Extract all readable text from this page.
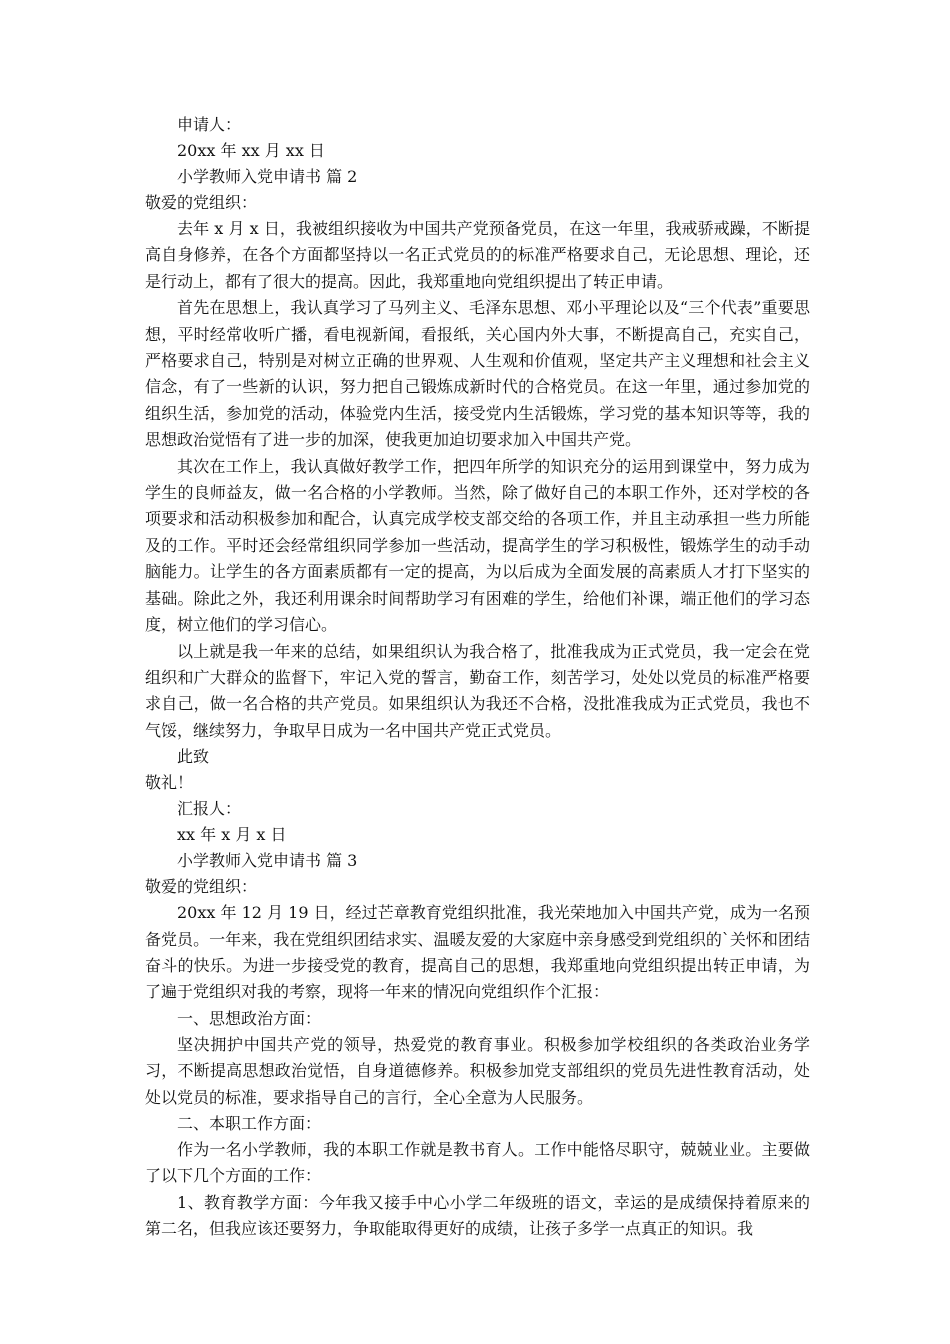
申请人：

20xx 年 xx 月 xx 日

小学教师入党申请书 篇 2

敬爱的党组织：

去年 x 月 x 日，我被组织接收为中国共产党预备党员，在这一年里，我戒骄戒躁，不断提高自身修养，在各个方面都坚持以一名正式党员的的标准严格要求自己，无论思想、理论，还是行动上，都有了很大的提高。因此，我郑重地向党组织提出了转正申请。

首先在思想上，我认真学习了马列主义、毛泽东思想、邓小平理论以及“三个代表”重要思想，平时经常收听广播，看电视新闻，看报纸，关心国内外大事，不断提高自己，充实自己，严格要求自己，特别是对树立正确的世界观、人生观和价值观，坚定共产主义理想和社会主义信念，有了一些新的认识，努力把自己锻炼成新时代的合格党员。在这一年里，通过参加党的组织生活，参加党的活动，体验党内生活，接受党内生活锻炼，学习党的基本知识等等，我的思想政治觉悟有了进一步的加深，使我更加迫切要求加入中国共产党。

其次在工作上，我认真做好教学工作，把四年所学的知识充分的运用到课堂中，努力成为学生的良师益友，做一名合格的小学教师。当然，除了做好自己的本职工作外，还对学校的各项要求和活动积极参加和配合，认真完成学校支部交给的各项工作，并且主动承担一些力所能及的工作。平时还会经常组织同学参加一些活动，提高学生的学习积极性，锻炼学生的动手动脑能力。让学生的各方面素质都有一定的提高，为以后成为全面发展的高素质人才打下坚实的基础。除此之外，我还利用课余时间帮助学习有困难的学生，给他们补课，端正他们的学习态度，树立他们的学习信心。

以上就是我一年来的总结，如果组织认为我合格了，批准我成为正式党员，我一定会在党组织和广大群众的监督下，牢记入党的誓言，勤奋工作，刻苦学习，处处以党员的标准严格要求自己，做一名合格的共产党员。如果组织认为我还不合格，没批准我成为正式党员，我也不气馁，继续努力，争取早日成为一名中国共产党正式党员。

此致

敬礼！

汇报人：

xx 年 x 月 x 日

小学教师入党申请书 篇 3

敬爱的党组织：

20xx 年 12 月 19 日，经过芒章教育党组织批准，我光荣地加入中国共产党，成为一名预备党员。一年来，我在党组织团结求实、温暖友爱的大家庭中亲身感受到党组织的`关怀和团结奋斗的快乐。为进一步接受党的教育，提高自己的思想，我郑重地向党组织提出转正申请，为了遍于党组织对我的考察，现将一年来的情况向党组织作个汇报：

一、思想政治方面：

坚决拥护中国共产党的领导，热爱党的教育事业。积极参加学校组织的各类政治业务学习，不断提高思想政治觉悟，自身道德修养。积极参加党支部组织的党员先进性教育活动，处处以党员的标准，要求指导自己的言行，全心全意为人民服务。

二、本职工作方面：

作为一名小学教师，我的本职工作就是教书育人。工作中能恪尽职守，兢兢业业。主要做了以下几个方面的工作：

1、教育教学方面：今年我又接手中心小学二年级班的语文，幸运的是成绩保持着原来的第二名，但我应该还要努力，争取能取得更好的成绩，让孩子多学一点真正的知识。我
